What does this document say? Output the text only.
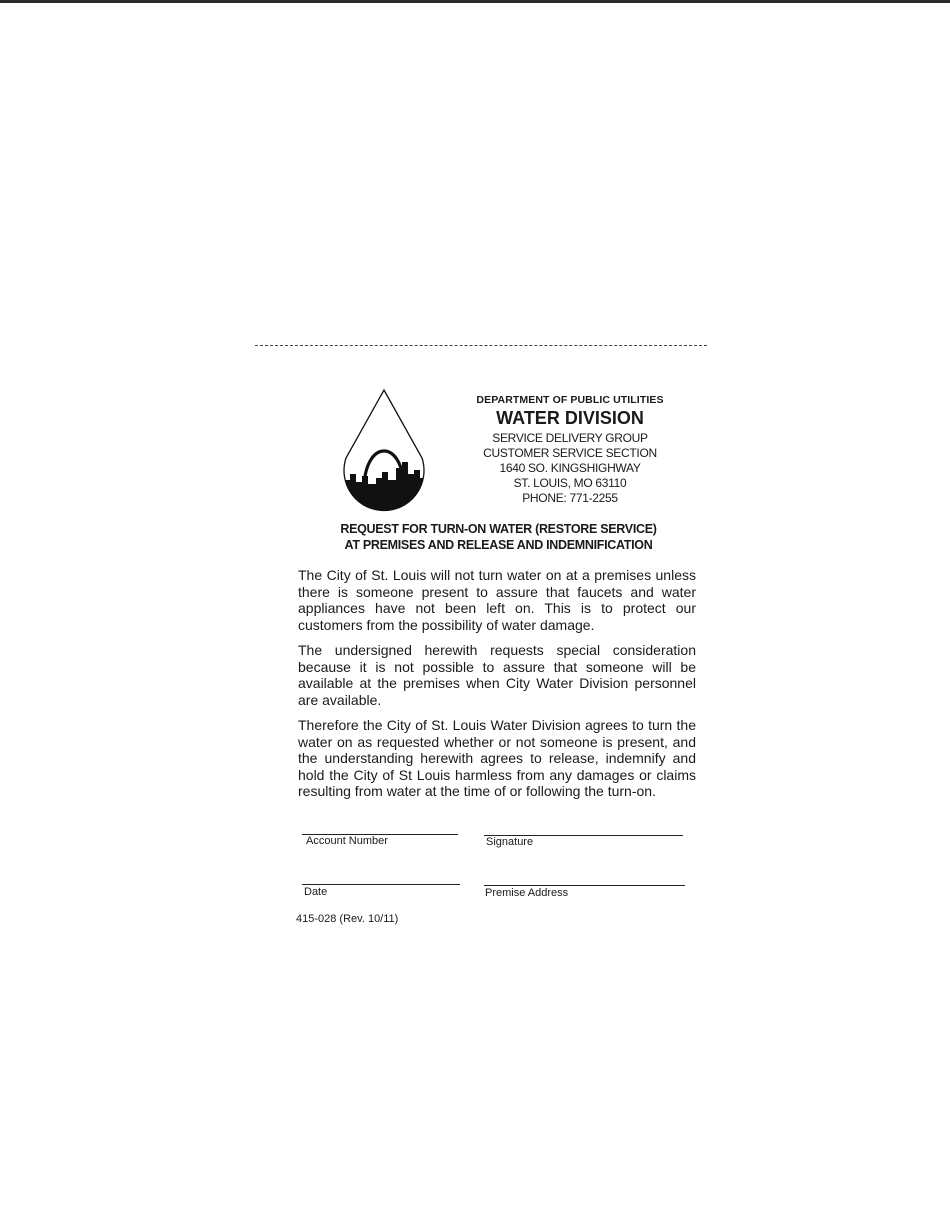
DEPARTMENT OF PUBLIC UTILITIES
WATER DIVISION
SERVICE DELIVERY GROUP
CUSTOMER SERVICE SECTION
1640 SO. KINGSHIGHWAY
ST. LOUIS, MO 63110
PHONE: 771-2255
REQUEST FOR TURN-ON WATER (RESTORE SERVICE)
AT PREMISES AND RELEASE AND INDEMNIFICATION

The City of St. Louis will not turn water on at a premises unless there is someone present to assure that faucets and water appliances have not been left on. This is to protect our customers from the possibility of water damage.

The undersigned herewith requests special consideration because it is not possible to assure that someone will be available at the premises when City Water Division personnel are available.

Therefore the City of St. Louis Water Division agrees to turn the water on as requested whether or not someone is present, and the understanding herewith agrees to release, indemnify and hold the City of St Louis harmless from any damages or claims resulting from water at the time of or following the turn-on.

Account Number	Signature
Date	Premise Address
415-028 (Rev. 10/11)
